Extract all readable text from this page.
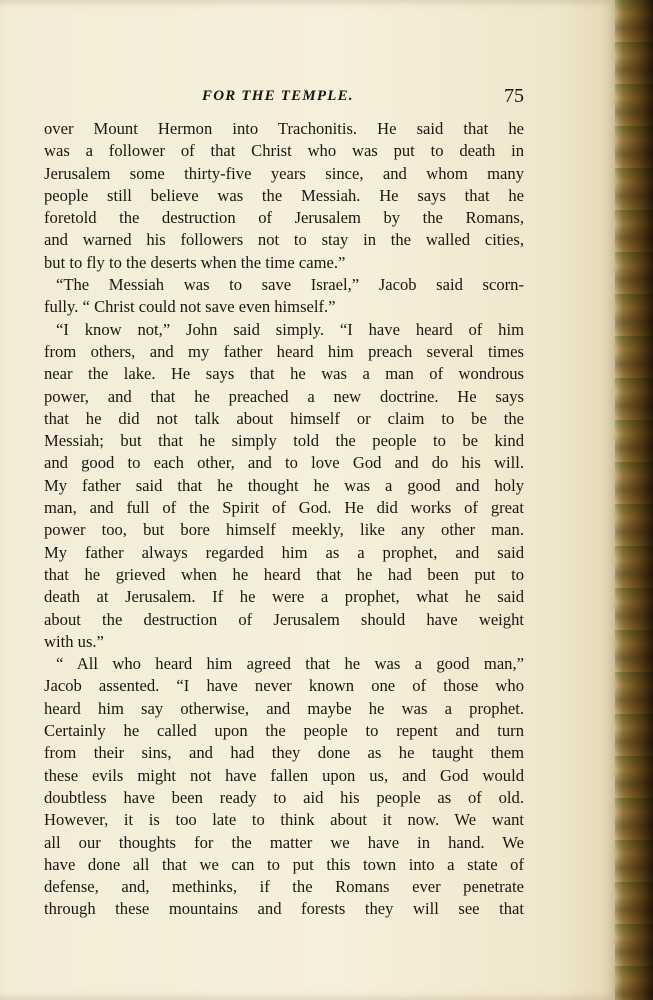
FOR THE TEMPLE.	75
over Mount Hermon into Trachonitis. He said that he
was a follower of that Christ who was put to death in
Jerusalem some thirty-five years since, and whom many
people still believe was the Messiah. He says that he
foretold the destruction of Jerusalem by the Romans,
and warned his followers not to stay in the walled cities,
but to fly to the deserts when the time came.”
“The Messiah was to save Israel,” Jacob said scorn-
fully. “ Christ could not save even himself.”
“I know not,” John said simply. “I have heard of him
from others, and my father heard him preach several times
near the lake. He says that he was a man of wondrous
power, and that he preached a new doctrine. He says
that he did not talk about himself or claim to be the
Messiah; but that he simply told the people to be kind
and good to each other, and to love God and do his will.
My father said that he thought he was a good and holy
man, and full of the Spirit of God. He did works of great
power too, but bore himself meekly, like any other man.
My father always regarded him as a prophet, and said
that he grieved when he heard that he had been put to
death at Jerusalem. If he were a prophet, what he said
about the destruction of Jerusalem should have weight
with us.”
“ All who heard him agreed that he was a good man,”
Jacob assented. “I have never known one of those who
heard him say otherwise, and maybe he was a prophet.
Certainly he called upon the people to repent and turn
from their sins, and had they done as he taught them
these evils might not have fallen upon us, and God would
doubtless have been ready to aid his people as of old.
However, it is too late to think about it now. We want
all our thoughts for the matter we have in hand. We
have done all that we can to put this town into a state of
defense, and, methinks, if the Romans ever penetrate
through these mountains and forests they will see that
